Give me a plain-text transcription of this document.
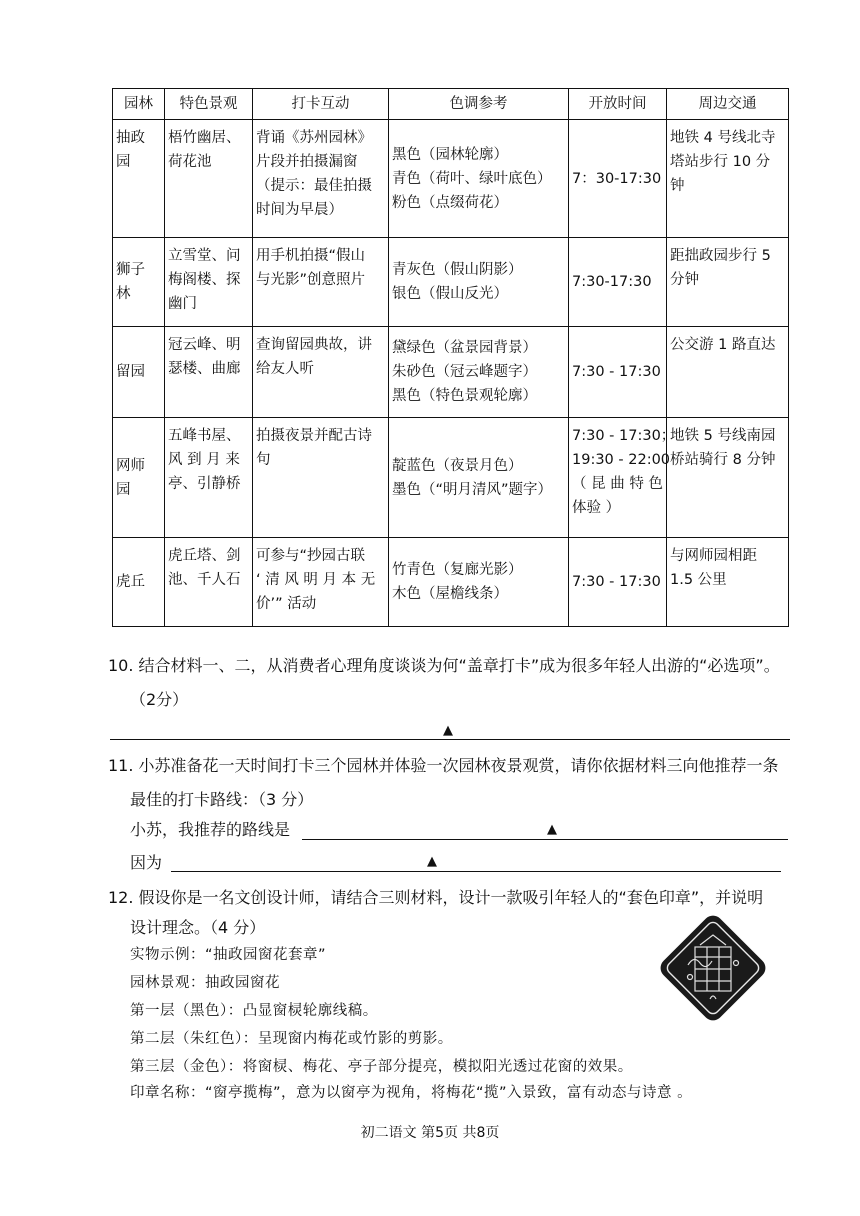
园林	特色景观	打卡互动	色调参考	开放时间	周边交通

抽政
园	梧竹幽居、
荷花池	背诵《苏州园林》
片段并拍摄漏窗
（提示：最佳拍摄
时间为早晨）	黑色（园林轮廓）
青色（荷叶、绿叶底色）
粉色（点缀荷花）	7：30-17:30	地铁 4 号线北寺
塔站步行 10 分
钟

狮子
林	立雪堂、问
梅阁楼、探
幽门	用手机拍摄“假山
与光影”创意照片	青灰色（假山阴影）
银色（假山反光）	7:30-17:30	距拙政园步行 5
分钟

留园	冠云峰、明
瑟楼、曲廊	查询留园典故，讲
给友人听	黛绿色（盆景园背景）
朱砂色（冠云峰题字）
黑色（特色景观轮廓）	7:30 - 17:30	公交游 1 路直达

网师
园	五峰书屋、
风 到 月 来
亭、引静桥	拍摄夜景并配古诗
句	靛蓝色（夜景月色）
墨色（“明月清风”题字）	7:30 - 17:30；
19:30 - 22:00
（ 昆 曲 特 色
体验 ）	地铁 5 号线南园
桥站骑行 8 分钟

虎丘	虎丘塔、剑
池、千人石	可参与“抄园古联
‘ 清 风 明 月 本 无
价’” 活动	竹青色（复廊光影）
木色（屋檐线条）	7:30 - 17:30	与网师园相距
1.5 公里
10. 结合材料一、二，从消费者心理角度谈谈为何“盖章打卡”成为很多年轻人出游的“必选项”。
（2分）
▲
11. 小苏准备花一天时间打卡三个园林并体验一次园林夜景观赏，请你依据材料三向他推荐一条
最佳的打卡路线：（3 分）
小苏，我推荐的路线是	▲
因为	▲
12. 假设你是一名文创设计师，请结合三则材料，设计一款吸引年轻人的“套色印章”，并说明
设计理念。（4 分）
实物示例：“抽政园窗花套章”
园林景观：抽政园窗花
第一层（黑色）：凸显窗棂轮廓线稿。
第二层（朱红色）：呈现窗内梅花或竹影的剪影。
第三层（金色）：将窗棂、梅花、亭子部分提亮，模拟阳光透过花窗的效果。
印章名称：“窗亭揽梅”，意为以窗亭为视角，将梅花“揽”入景致，富有动态与诗意 。
初二语文 第5页 共8页
